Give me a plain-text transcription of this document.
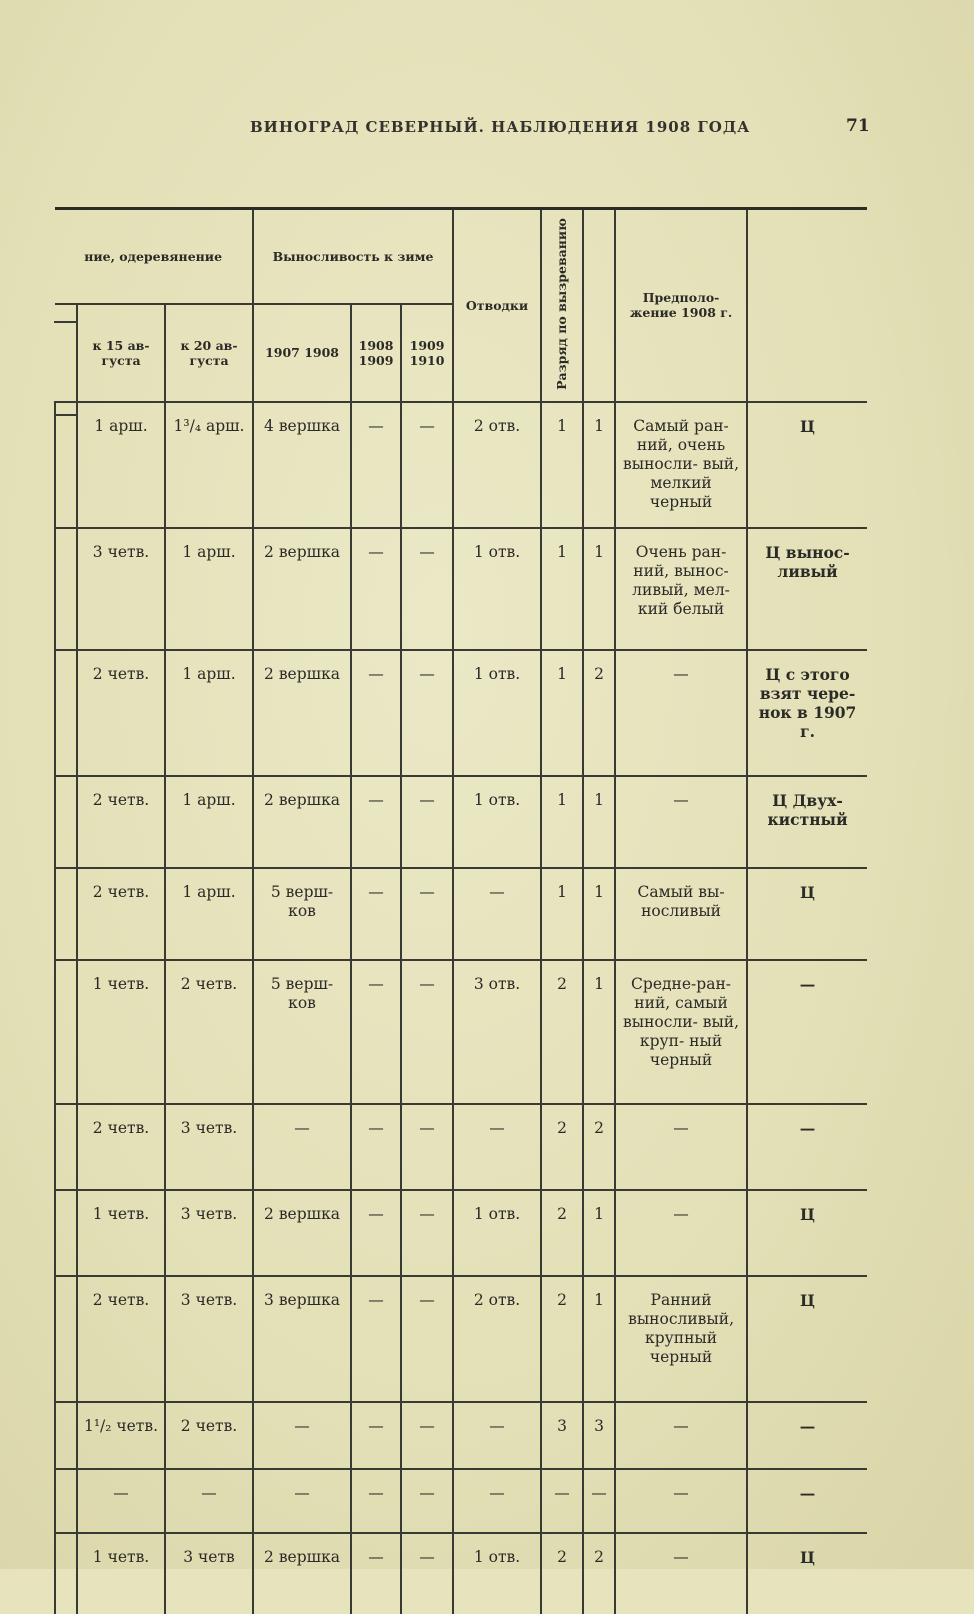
ВИНОГРАД СЕВЕРНЫЙ. НАБЛЮДЕНИЯ 1908 ГОДА	71
ние, одеревянение			Выносливость к зиме			Отводки	Разряд по вызреванию		Предполо- жение 1908 г.	
	к 15 ав- густа	к 20 ав- густа	1907 1908	1908 1909	1909 1910					
	1 арш.	1³/₄ арш.	4 вершка	—	—	2 отв.	1	1	Самый ран- ний, очень выносли- вый, мелкий черный	Ц
	3 четв.	1 арш.	2 вершка	—	—	1 отв.	1	1	Очень ран- ний, вынос- ливый, мел- кий белый	Ц выноc- ливый
	2 четв.	1 арш.	2 вершка	—	—	1 отв.	1	2	—	Ц с этого взят чере- нок в 1907 г.
	2 четв.	1 арш.	2 вершка	—	—	1 отв.	1	1	—	Ц Двух- кистный
	2 четв.	1 арш.	5 верш- ков	—	—	—	1	1	Самый вы- носливый	Ц
	1 четв.	2 четв.	5 верш- ков	—	—	3 отв.	2	1	Средне-ран- ний, самый выносли- вый, круп- ный черный	—
	2 четв.	3 четв.	—	—	—	—	2	2	—	—
	1 четв.	3 четв.	2 вершка	—	—	1 отв.	2	1	—	Ц
	2 четв.	3 четв.	3 вершка	—	—	2 отв.	2	1	Ранний выносливый, крупный черный	Ц
	1¹/₂ четв.	2 четв.	—	—	—	—	3	3	—	—
	—	—	—	—	—	—	—	—	—	—
	1 четв.	3 четв	2 вершка	—	—	1 отв.	2	2	—	Ц
